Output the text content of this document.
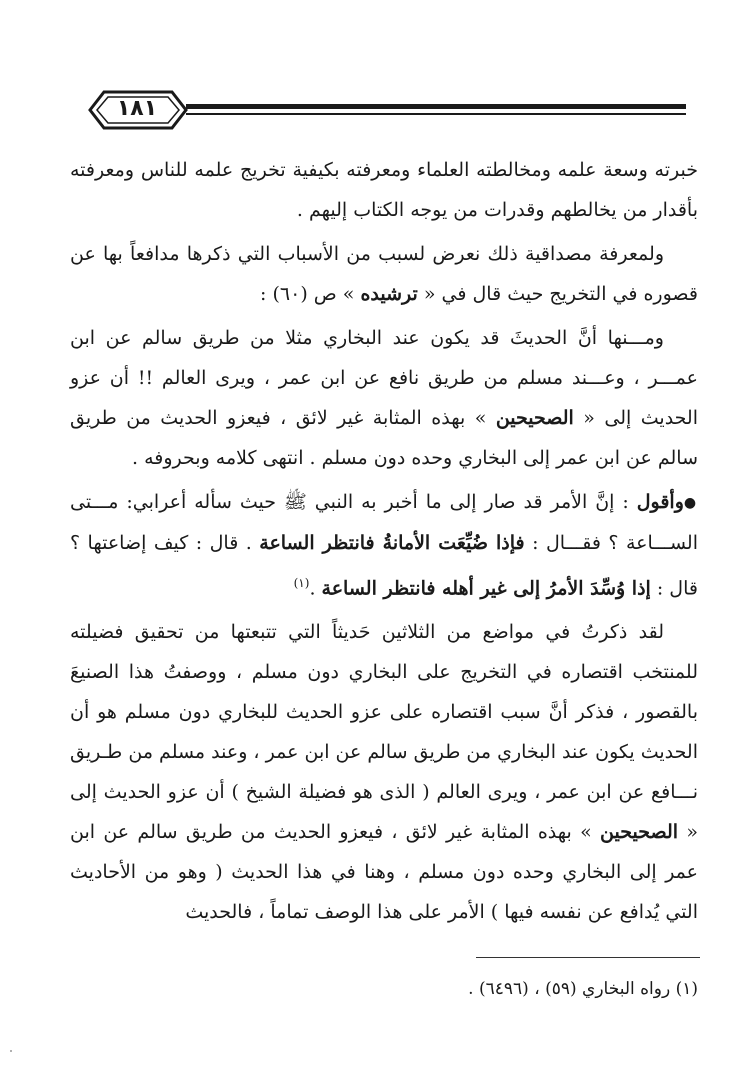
١٨١

خبرته وسعة علمه ومخالطته العلماء ومعرفته بكيفية تخريج علمه للناس ومعرفته بأقدار من يخالطهم وقدرات من يوجه الكتاب إليهم .

ولمعرفة مصداقية ذلك نعرض لسبب من الأسباب التي ذكرها مدافعاً بها عن قصوره في التخريج حيث قال في « ترشيده » ص (٦٠) :

ومـــنها أنَّ الحديثَ قد يكون عند البخاري مثلا من طريق سالم عن ابن عمـــر ، وعـــند مسلم من طريق نافع عن ابن عمر ، ويرى العالم !! أن عزو الحديث إلى « الصحيحين » بهذه المثابة غير لائق ، فيعزو الحديث من طريق سالم عن ابن عمر إلى البخاري وحده دون مسلم . انتهى كلامه وبحروفه .

●وأقول : إنَّ الأمر قد صار إلى ما أخبر به النبي ﷺ حيث سأله أعرابي: مـــتى الســـاعة ؟ فقـــال : فإذا ضُيِّعَت الأمانةُ فانتظر الساعة . قال : كيف إضاعتها ؟ قال : إذا وُسِّدَ الأمرُ إلى غير أهله فانتظر الساعة .$^{(١)}$

لقد ذكرتُ في مواضع من الثلاثين حَديثاً التي تتبعتها من تحقيق فضيلته للمنتخب اقتصاره في التخريج على البخاري دون مسلم ، ووصفتُ هذا الصنيعَ بالقصور ، فذكر أنَّ سبب اقتصاره على عزو الحديث للبخاري دون مسلم هو أن الحديث يكون عند البخاري من طريق سالم عن ابن عمر ، وعند مسلم من طـريق نـــافع عن ابن عمر ، ويرى العالم ( الذى هو فضيلة الشيخ ) أن عزو الحديث إلى « الصحيحين » بهذه المثابة غير لائق ، فيعزو الحديث من طريق سالم عن ابن عمر إلى البخاري وحده دون مسلم ، وهنا في هذا الحديث ( وهو من الأحاديث التي يُدافع عن نفسه فيها ) الأمر على هذا الوصف تماماً ، فالحديث

(١) رواه البخاري (٥٩) ، (٦٤٩٦) .
